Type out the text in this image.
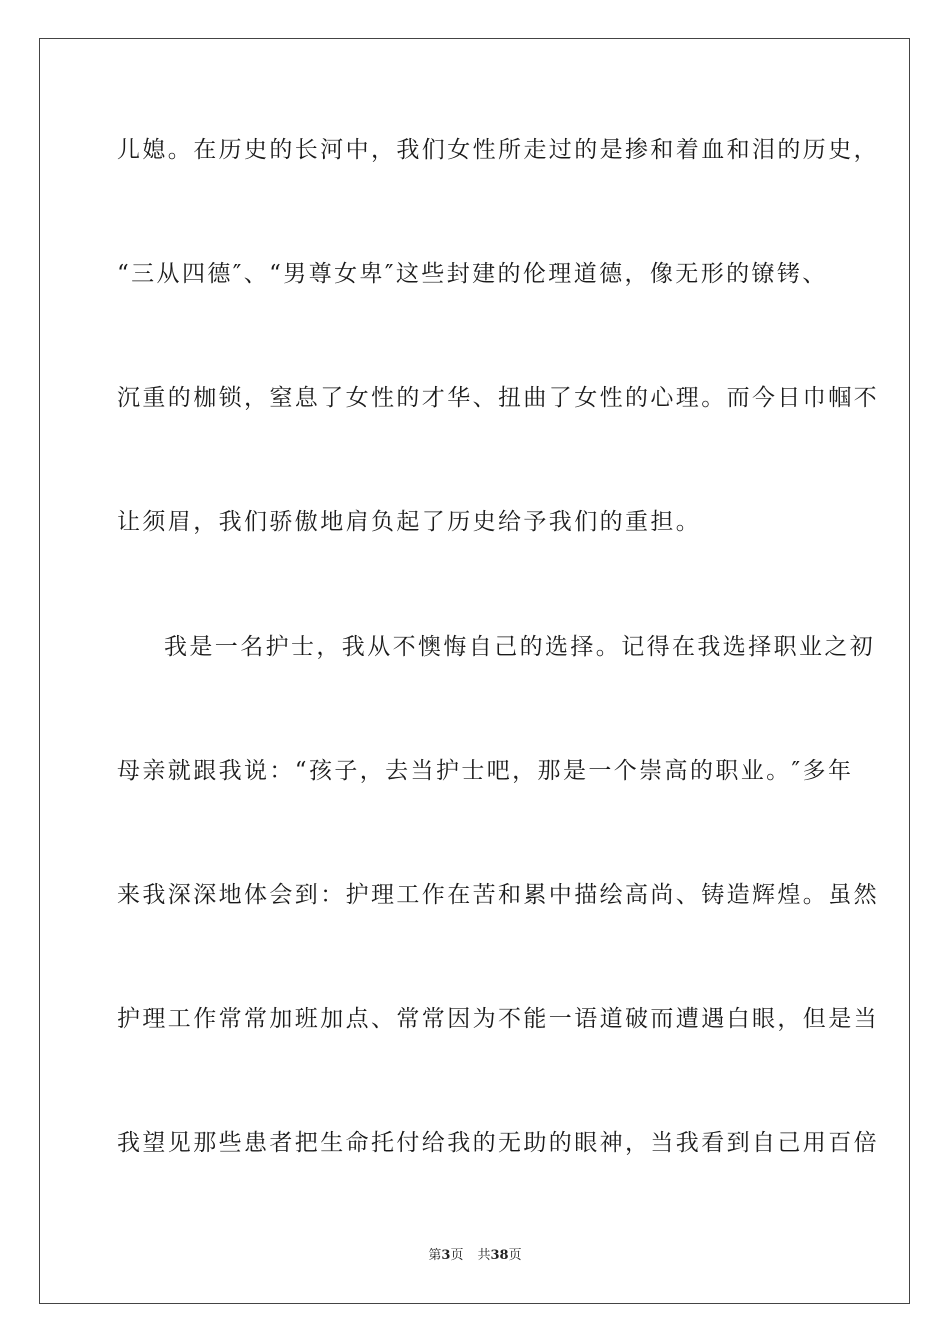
儿媳。在历史的长河中，我们女性所走过的是掺和着血和泪的历史，
“三从四德″、“男尊女卑″这些封建的伦理道德，像无形的镣铐、
沉重的枷锁，窒息了女性的才华、扭曲了女性的心理。而今日巾帼不
让须眉，我们骄傲地肩负起了历史给予我们的重担。
我是一名护士，我从不懊悔自己的选择。记得在我选择职业之初
母亲就跟我说：“孩子，去当护士吧，那是一个崇高的职业。″多年
来我深深地体会到：护理工作在苦和累中描绘高尚、铸造辉煌。虽然
护理工作常常加班加点、常常因为不能一语道破而遭遇白眼，但是当
我望见那些患者把生命托付给我的无助的眼神，当我看到自己用百倍
第3页 共38页
